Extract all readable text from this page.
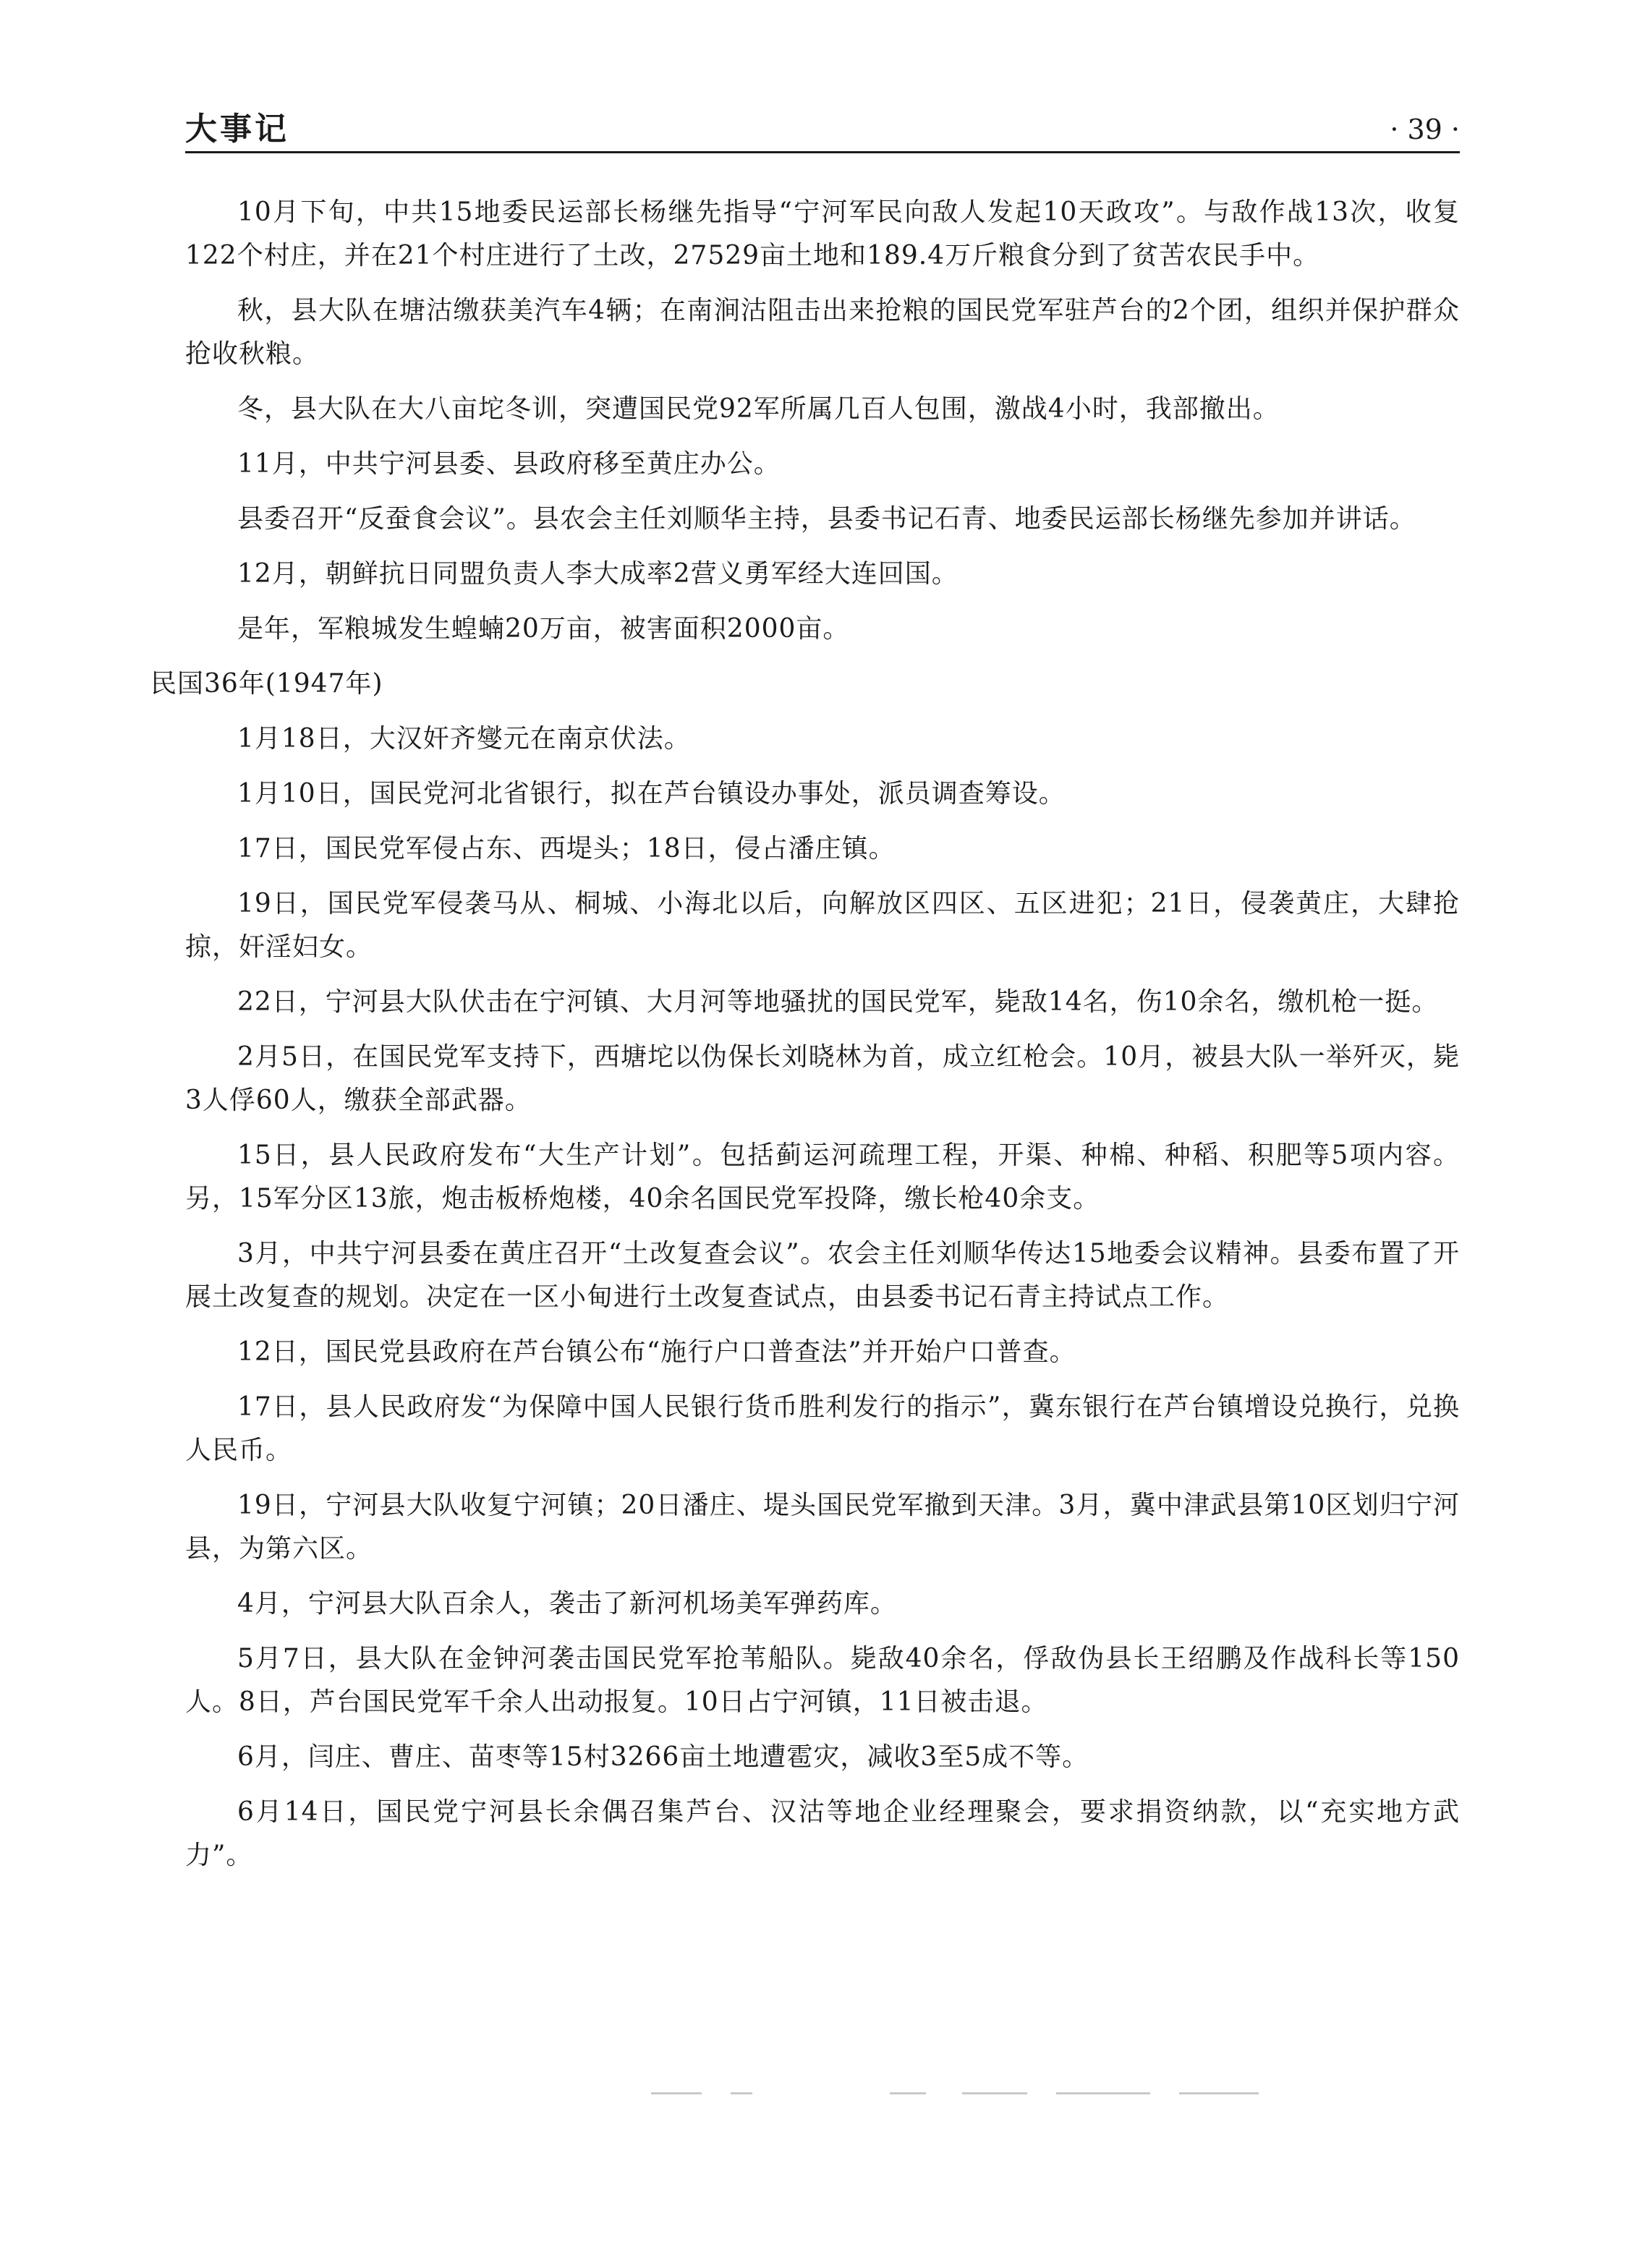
大事记	· 39 ·

10月下旬，中共15地委民运部长杨继先指导“宁河军民向敌人发起10天政攻”。与敌作战13次，收复122个村庄，并在21个村庄进行了土改，27529亩土地和189.4万斤粮食分到了贫苦农民手中。

秋，县大队在塘沽缴获美汽车4辆；在南涧沽阻击出来抢粮的国民党军驻芦台的2个团，组织并保护群众抢收秋粮。

冬，县大队在大八亩坨冬训，突遭国民党92军所属几百人包围，激战4小时，我部撤出。

11月，中共宁河县委、县政府移至黄庄办公。

县委召开“反蚕食会议”。县农会主任刘顺华主持，县委书记石青、地委民运部长杨继先参加并讲话。

12月，朝鲜抗日同盟负责人李大成率2营义勇军经大连回国。

是年，军粮城发生蝗蝻20万亩，被害面积2000亩。

民国36年(1947年)

1月18日，大汉奸齐燮元在南京伏法。

1月10日，国民党河北省银行，拟在芦台镇设办事处，派员调查筹设。

17日，国民党军侵占东、西堤头；18日，侵占潘庄镇。

19日，国民党军侵袭马从、桐城、小海北以后，向解放区四区、五区进犯；21日，侵袭黄庄，大肆抢掠，奸淫妇女。

22日，宁河县大队伏击在宁河镇、大月河等地骚扰的国民党军，毙敌14名，伤10余名，缴机枪一挺。

2月5日，在国民党军支持下，西塘坨以伪保长刘晓林为首，成立红枪会。10月，被县大队一举歼灭，毙3人俘60人，缴获全部武器。

15日，县人民政府发布“大生产计划”。包括蓟运河疏理工程，开渠、种棉、种稻、积肥等5项内容。另，15军分区13旅，炮击板桥炮楼，40余名国民党军投降，缴长枪40余支。

3月，中共宁河县委在黄庄召开“土改复查会议”。农会主任刘顺华传达15地委会议精神。县委布置了开展土改复查的规划。决定在一区小甸进行土改复查试点，由县委书记石青主持试点工作。

12日，国民党县政府在芦台镇公布“施行户口普查法”并开始户口普查。

17日，县人民政府发“为保障中国人民银行货币胜利发行的指示”，冀东银行在芦台镇增设兑换行，兑换人民币。

19日，宁河县大队收复宁河镇；20日潘庄、堤头国民党军撤到天津。3月，冀中津武县第10区划归宁河县，为第六区。

4月，宁河县大队百余人，袭击了新河机场美军弹药库。

5月7日，县大队在金钟河袭击国民党军抢苇船队。毙敌40余名，俘敌伪县长王绍鹏及作战科长等150人。8日，芦台国民党军千余人出动报复。10日占宁河镇，11日被击退。

6月，闫庄、曹庄、苗枣等15村3266亩土地遭雹灾，减收3至5成不等。

6月14日，国民党宁河县长余偶召集芦台、汉沽等地企业经理聚会，要求捐资纳款，以“充实地方武力”。
